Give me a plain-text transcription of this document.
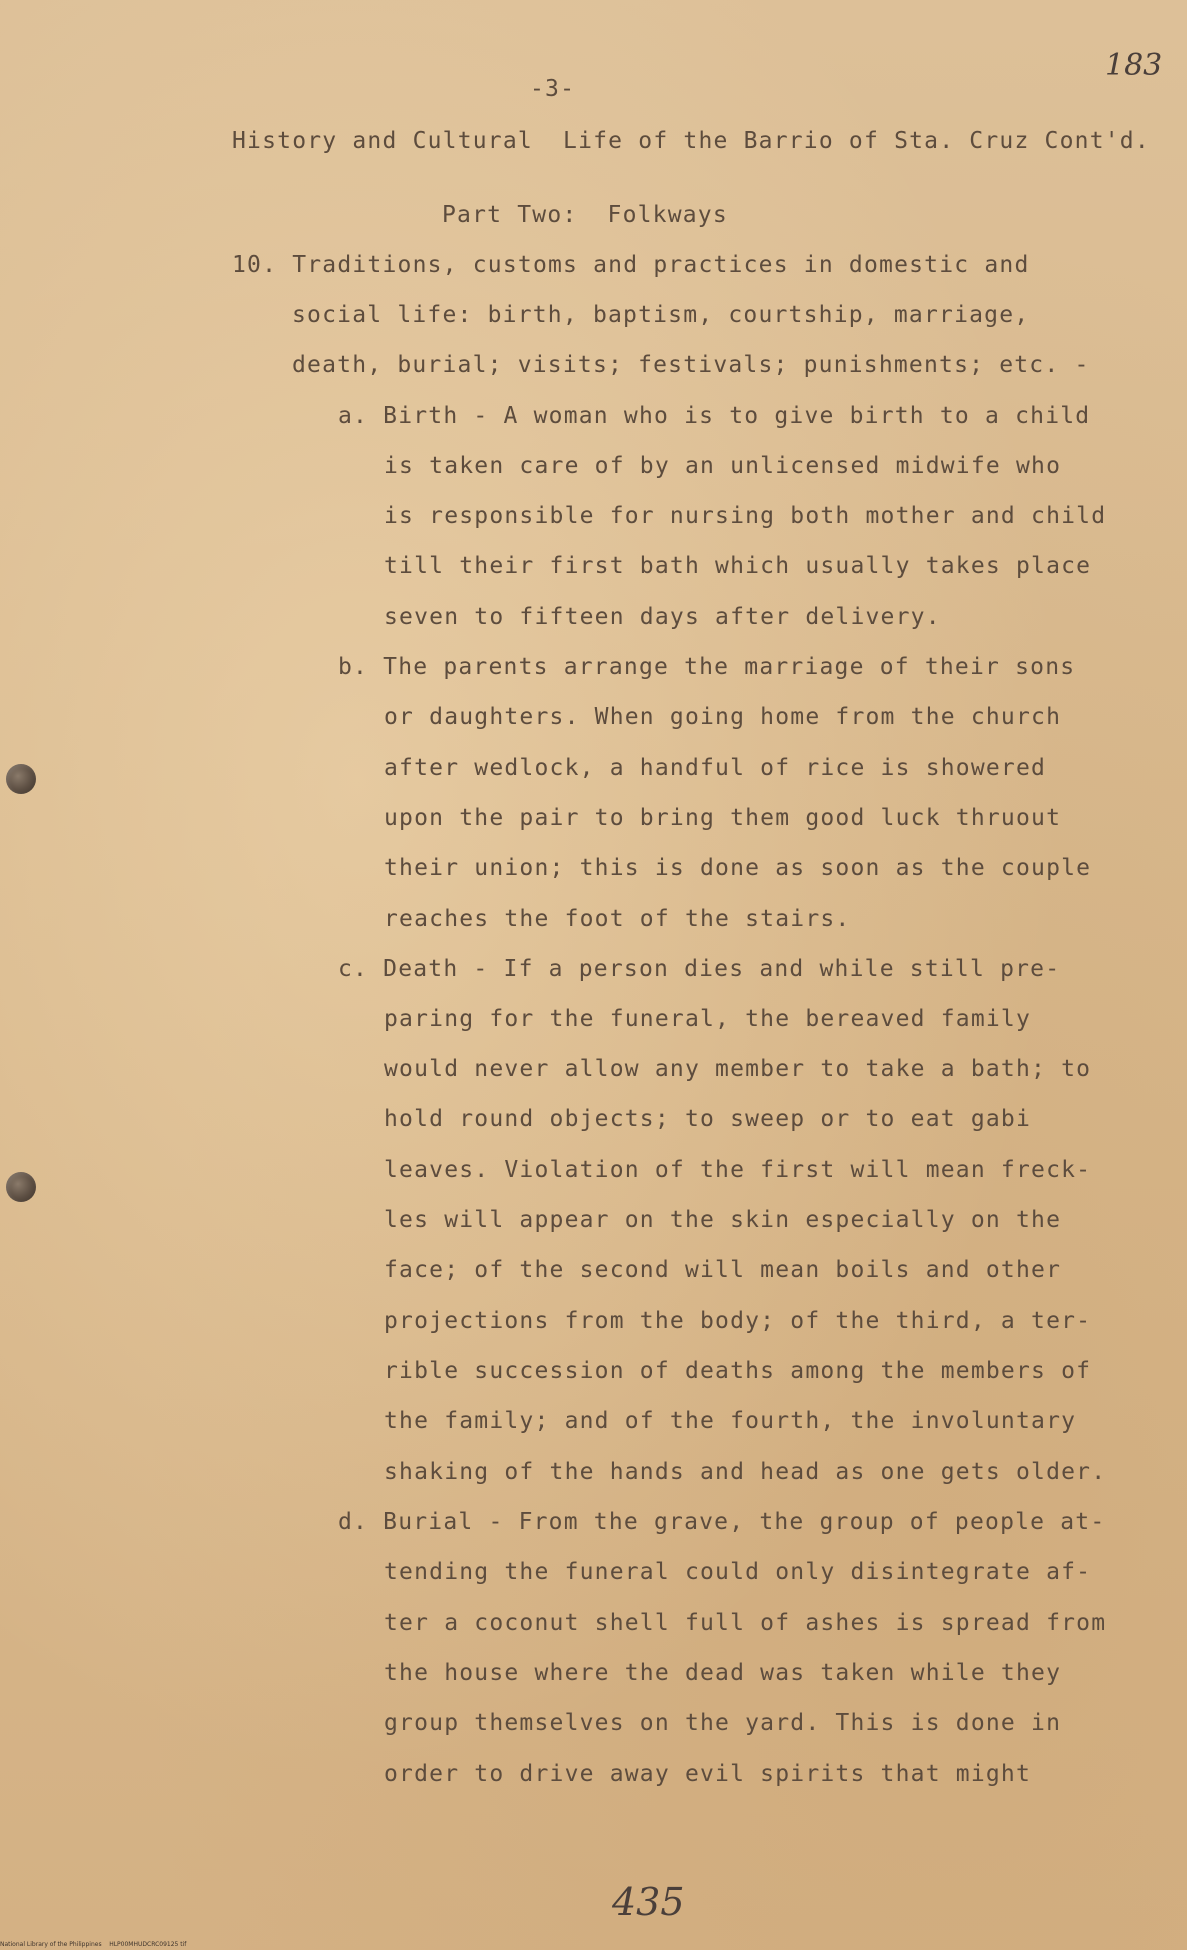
183
-3-
History and Cultural  Life of the Barrio of Sta. Cruz Cont'd.
Part Two:  Folkways
10. Traditions, customs and practices in domestic and
social life: birth, baptism, courtship, marriage,
death, burial; visits; festivals; punishments; etc. -
a. Birth - A woman who is to give birth to a child
is taken care of by an unlicensed midwife who
is responsible for nursing both mother and child
till their first bath which usually takes place
seven to fifteen days after delivery.
b. The parents arrange the marriage of their sons
or daughters. When going home from the church
after wedlock, a handful of rice is showered
upon the pair to bring them good luck thruout
their union; this is done as soon as the couple
reaches the foot of the stairs.
c. Death - If a person dies and while still pre-
paring for the funeral, the bereaved family
would never allow any member to take a bath; to
hold round objects; to sweep or to eat gabi
leaves. Violation of the first will mean freck-
les will appear on the skin especially on the
face; of the second will mean boils and other
projections from the body; of the third, a ter-
rible succession of deaths among the members of
the family; and of the fourth, the involuntary
shaking of the hands and head as one gets older.
d. Burial - From the grave, the group of people at-
tending the funeral could only disintegrate af-
ter a coconut shell full of ashes is spread from
the house where the dead was taken while they
group themselves on the yard. This is done in
order to drive away evil spirits that might
435
National Library of the Philippines    HLP00MHUDCRC09125 tif
